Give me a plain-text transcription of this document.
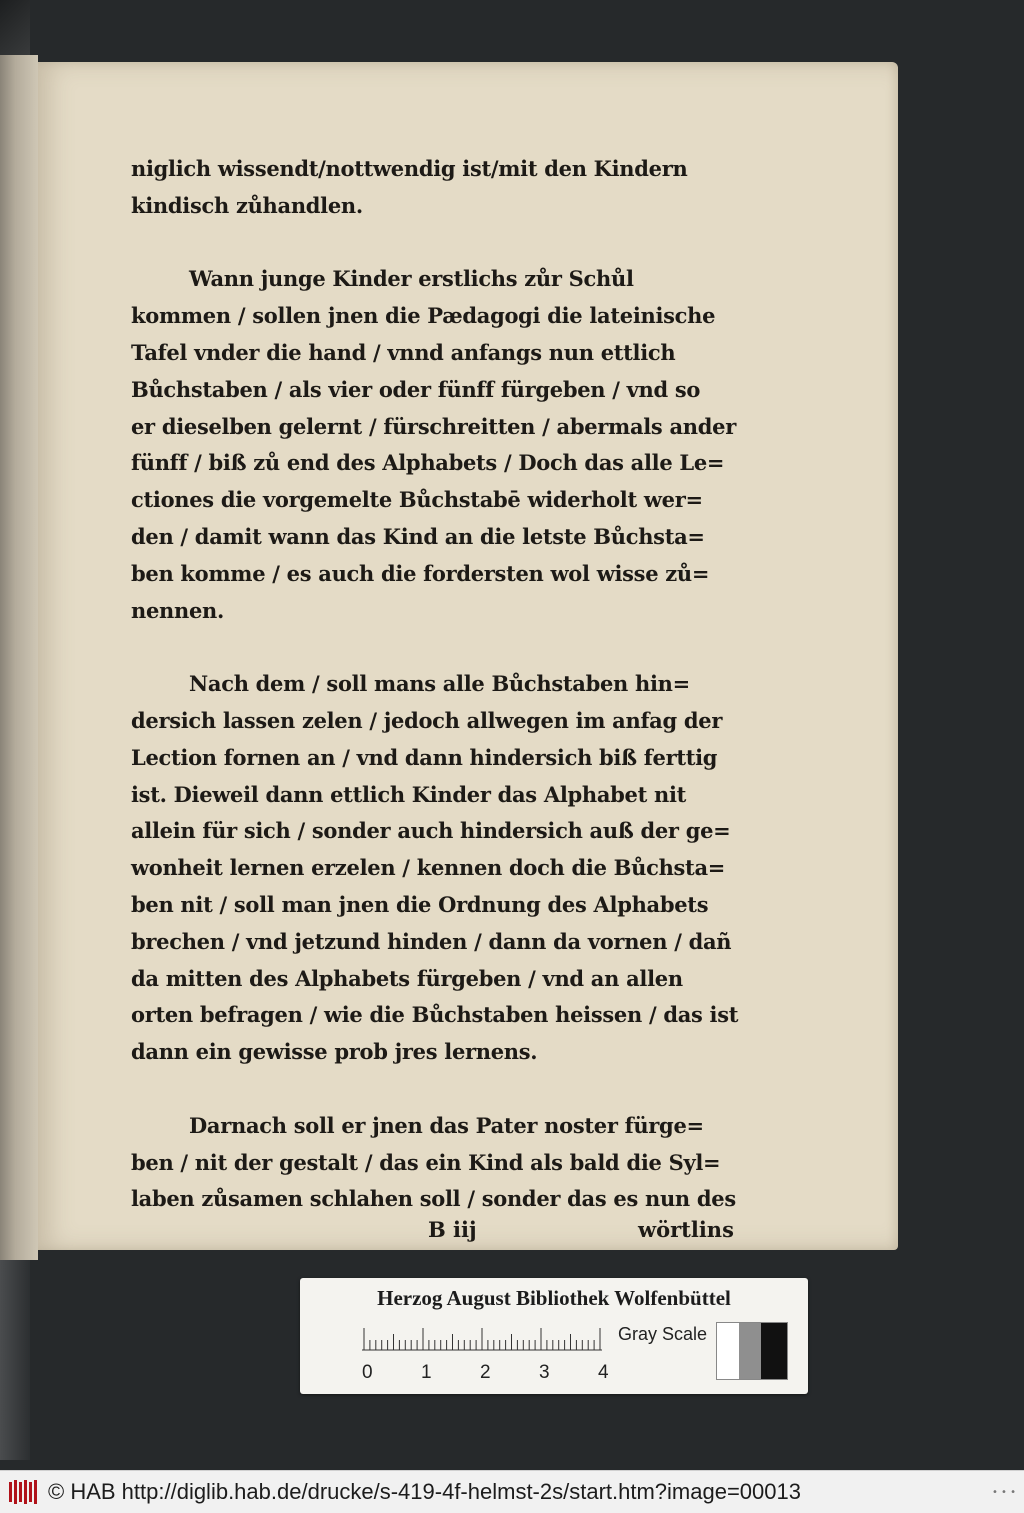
niglich wissendt/nottwendig ist/mit den Kindern
kindisch zůhandlen.
Wann junge Kinder erstlichs zůr Schůl
kommen / sollen jnen die Pædagogi die lateinische
Tafel vnder die hand / vnnd anfangs nun ettlich
Bůchstaben / als vier oder fünff fürgeben / vnd so
er dieselben gelernt / fürschreitten / abermals ander
fünff / biß zů end des Alphabets / Doch das alle Le=
ctiones die vorgemelte Bůchstabē widerholt wer=
den / damit wann das Kind an die letste Bůchsta=
ben komme / es auch die fordersten wol wisse zů=
nennen.
Nach dem / soll mans alle Bůchstaben hin=
dersich lassen zelen / jedoch allwegen im anfag der
Lection fornen an / vnd dann hindersich biß ferttig
ist. Dieweil dann ettlich Kinder das Alphabet nit
allein für sich / sonder auch hindersich auß der ge=
wonheit lernen erzelen / kennen doch die Bůchsta=
ben nit / soll man jnen die Ordnung des Alphabets
brechen / vnd jetzund hinden / dann da vornen / dañ
da mitten des Alphabets fürgeben / vnd an allen
orten befragen / wie die Bůchstaben heissen / das ist
dann ein gewisse prob jres lernens.
Darnach soll er jnen das Pater noster fürge=
ben / nit der gestalt / das ein Kind als bald die Syl=
laben zůsamen schlahen soll / sonder das es nun des
B iij	wörtlins
Herzog August Bibliothek Wolfenbüttel
0	1	2	3	4
Gray Scale
© HAB http://diglib.hab.de/drucke/s-419-4f-helmst-2s/start.htm?image=00013	• • •
